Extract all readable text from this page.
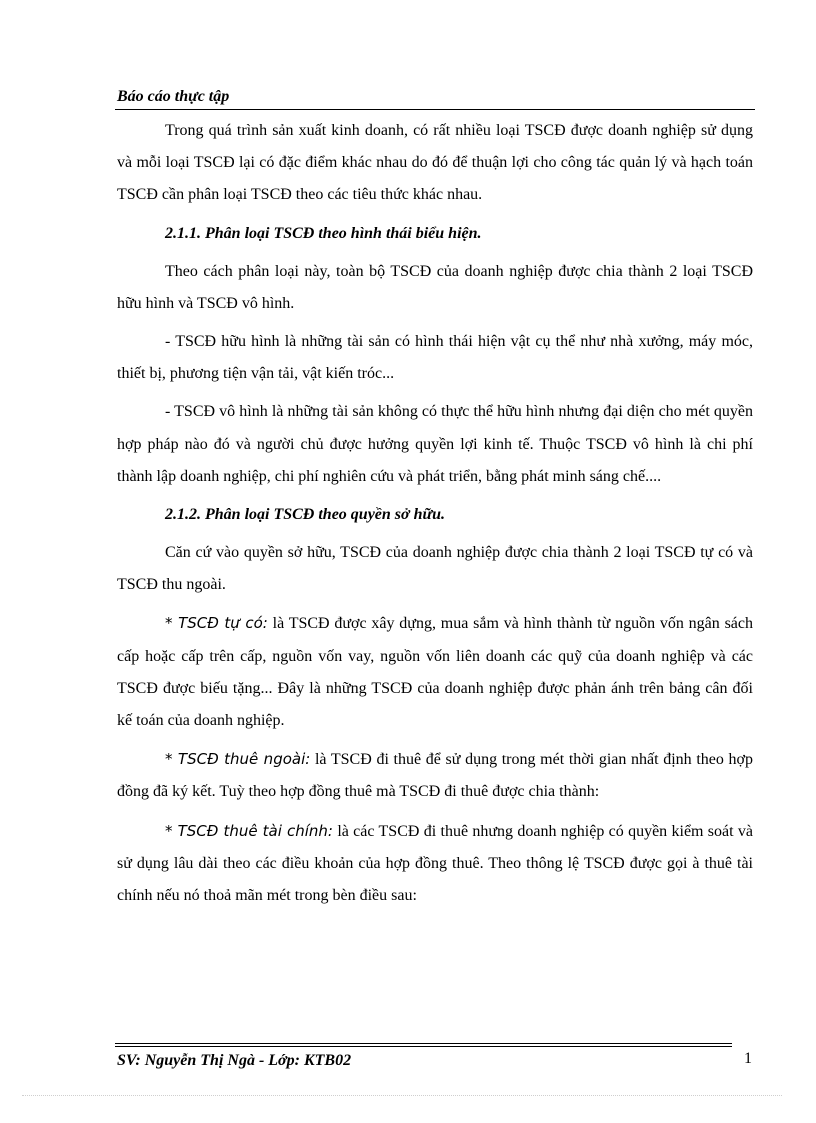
Báo cáo thực tập

Trong quá trình sản xuất kinh doanh, có rất nhiều loại TSCĐ được doanh nghiệp sử dụng và mỗi loại TSCĐ lại có đặc điểm khác nhau do đó để thuận lợi cho công tác quản lý và hạch toán TSCĐ cần phân loại TSCĐ theo các tiêu thức khác nhau.

2.1.1. Phân loại TSCĐ theo hình thái biểu hiện.

Theo cách phân loại này, toàn bộ TSCĐ của doanh nghiệp được chia thành 2 loại TSCĐ hữu hình và TSCĐ vô hình.

- TSCĐ hữu hình là những tài sản có hình thái hiện vật cụ thể như nhà xưởng, máy móc, thiết bị, phương tiện vận tải, vật kiến tróc...

- TSCĐ vô hình là những tài sản không có thực thể hữu hình nhưng đại diện cho mét quyền hợp pháp nào đó và người chủ được hưởng quyền lợi kinh tế. Thuộc TSCĐ vô hình là chi phí thành lập doanh nghiệp, chi phí nghiên cứu và phát triển, bằng phát minh sáng chế....

2.1.2. Phân loại TSCĐ theo quyền sở hữu.

Căn cứ vào quyền sở hữu, TSCĐ của doanh nghiệp được chia thành 2 loại TSCĐ tự có và TSCĐ thu ngoài.

* TSCĐ tự có: là TSCĐ được xây dựng, mua sắm và hình thành từ nguồn vốn ngân sách cấp hoặc cấp trên cấp, nguồn vốn vay, nguồn vốn liên doanh các quỹ của doanh nghiệp và các TSCĐ được biếu tặng... Đây là những TSCĐ của doanh nghiệp được phản ánh trên bảng cân đối kế toán của doanh nghiệp.

* TSCĐ thuê ngoài: là TSCĐ đi thuê để sử dụng trong mét thời gian nhất định theo hợp đồng đã ký kết. Tuỳ theo hợp đồng thuê mà TSCĐ đi thuê được chia thành:

* TSCĐ thuê tài chính: là các TSCĐ đi thuê nhưng doanh nghiệp có quyền kiểm soát và sử dụng lâu dài theo các điều khoản của hợp đồng thuê. Theo thông lệ TSCĐ được gọi à thuê tài chính nếu nó thoả mãn mét trong bèn điều sau:

SV: Nguyễn Thị Ngà - Lớp: KTB02	1
